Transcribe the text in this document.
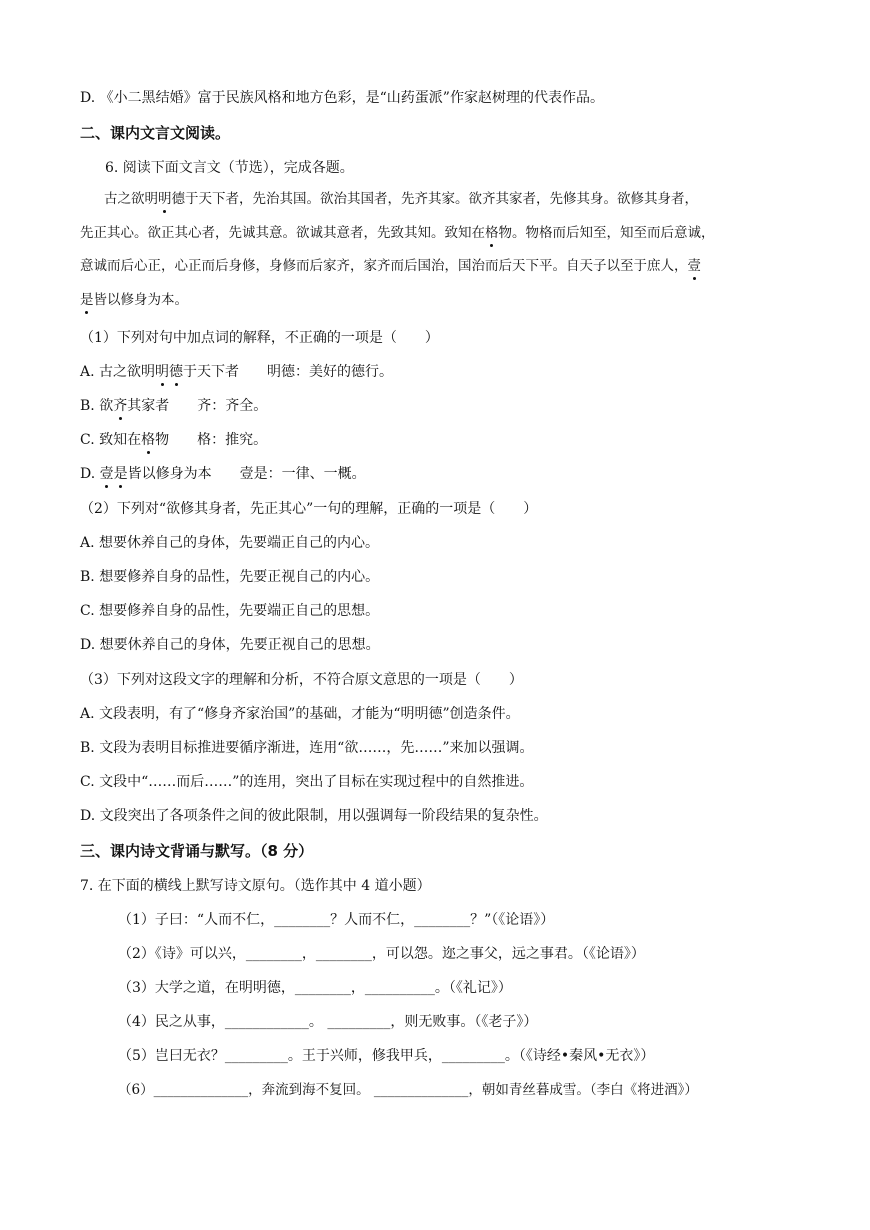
D. 《小二黑结婚》富于民族风格和地方色彩，是“山药蛋派”作家赵树理的代表作品。
二、课内文言文阅读。
6. 阅读下面文言文（节选），完成各题。
古之欲明明德于天下者，先治其国。欲治其国者，先齐其家。欲齐其家者，先修其身。欲修其身者，
先正其心。欲正其心者，先诚其意。欲诚其意者，先致其知。致知在格物。物格而后知至，知至而后意诚，
意诚而后心正，心正而后身修，身修而后家齐，家齐而后国治，国治而后天下平。自天子以至于庶人，壹
是皆以修身为本。
（1）下列对句中加点词的解释，不正确的一项是（　　）
A. 古之欲明明德于天下者　　明德：美好的德行。
B. 欲齐其家者　　齐：齐全。
C. 致知在格物　　格：推究。
D. 壹是皆以修身为本　　壹是：一律、一概。
（2）下列对“欲修其身者，先正其心”一句的理解，正确的一项是（　　）
A. 想要休养自己的身体，先要端正自己的内心。
B. 想要修养自身的品性，先要正视自己的内心。
C. 想要修养自身的品性，先要端正自己的思想。
D. 想要休养自己的身体，先要正视自己的思想。
（3）下列对这段文字的理解和分析，不符合原文意思的一项是（　　）
A. 文段表明，有了“修身齐家治国”的基础，才能为“明明德”创造条件。
B. 文段为表明目标推进要循序渐进，连用“欲……，先……”来加以强调。
C. 文段中“……而后……”的连用，突出了目标在实现过程中的自然推进。
D. 文段突出了各项条件之间的彼此限制，用以强调每一阶段结果的复杂性。
三、课内诗文背诵与默写。（8 分）
7. 在下面的横线上默写诗文原句。（选作其中 4 道小题）
（1）子曰：“人而不仁，________？人而不仁，________？”（《论语》）
（2）《诗》可以兴，________，________，可以怨。迩之事父，远之事君。（《论语》）
（3）大学之道，在明明德，________，__________。（《礼记》）
（4）民之从事，____________。 _________，则无败事。（《老子》）
（5）岂曰无衣？_________。王于兴师，修我甲兵，_________。（《诗经•秦风•无衣》）
（6）______________，奔流到海不复回。 ______________，朝如青丝暮成雪。（李白《将进酒》）
